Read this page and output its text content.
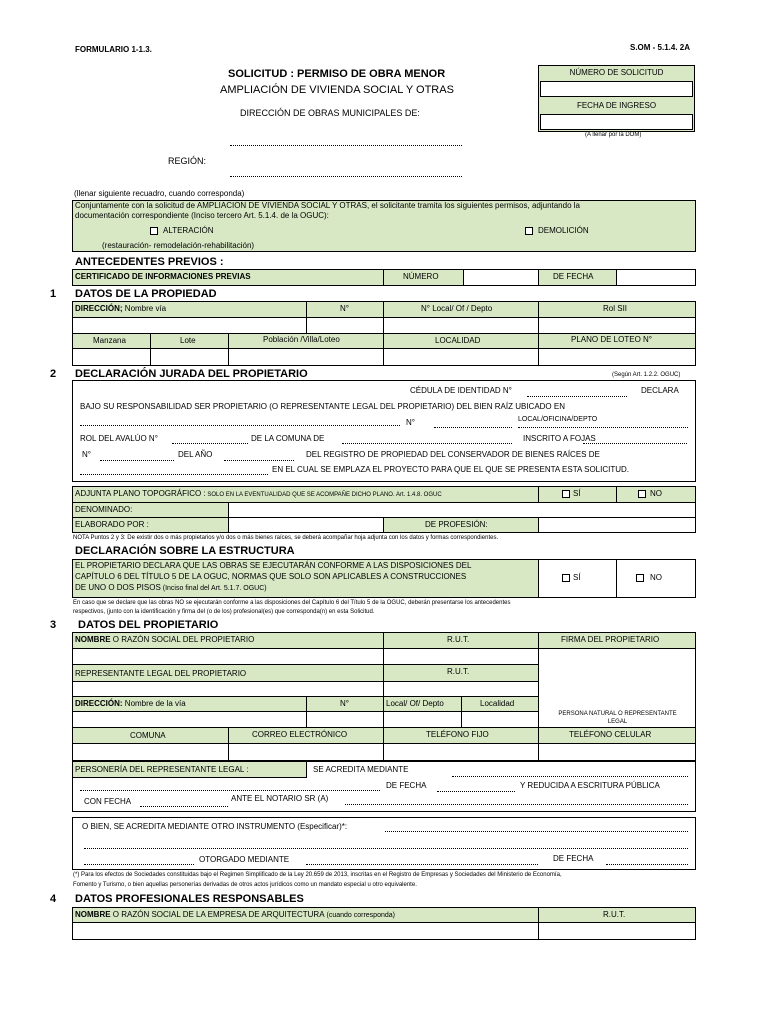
FORMULARIO 1-1.3.	S.OM - 5.1.4. 2A
SOLICITUD : PERMISO DE OBRA MENOR
AMPLIACIÓN DE VIVIENDA SOCIAL Y OTRAS
DIRECCIÓN DE OBRAS MUNICIPALES DE:
REGIÓN:
NÚMERO DE SOLICITUD
FECHA DE INGRESO
(A llenar por la DOM)
(llenar siguiente recuadro, cuando corresponda)
Conjuntamente con la solicitud de AMPLIACION DE VIVIENDA SOCIAL Y OTRAS, el solicitante tramita los siguientes permisos, adjuntando la
documentación correspondiente (Inciso tercero Art. 5.1.4. de la OGUC):
ALTERACIÓN	DEMOLICIÓN
(restauración- remodelación-rehabilitación)
ANTECEDENTES PREVIOS :
CERTIFICADO DE INFORMACIONES PREVIAS	NÚMERO	DE FECHA
1 DATOS DE LA PROPIEDAD
DIRECCIÓN; Nombre vía	N°	N° Local/ Of / Depto	Rol SII
Manzana	Lote	Población /Villa/Loteo	LOCALIDAD	PLANO DE LOTEO N°
2 DECLARACIÓN JURADA DEL PROPIETARIO	(Según Art. 1.2.2. OGUC)
CÉDULA DE IDENTIDAD N°	DECLARA
BAJO SU RESPONSABILIDAD SER PROPIETARIO (O REPRESENTANTE LEGAL DEL PROPIETARIO) DEL BIEN RAÍZ UBICADO EN
N°	LOCAL/OFICINA/DEPTO
ROL DEL AVALÚO N°	DE LA COMUNA DE	INSCRITO A FOJAS
N°	DEL AÑO	DEL REGISTRO DE PROPIEDAD DEL CONSERVADOR DE BIENES RAÍCES DE
EN EL CUAL SE EMPLAZA EL PROYECTO PARA QUE EL QUE SE PRESENTA ESTA SOLICITUD.
ADJUNTA PLANO TOPOGRÁFICO : SOLO EN LA EVENTUALIDAD QUE SE ACOMPAÑE DICHO PLANO. Art. 1.4.8. OGUC	SÍ	NO
DENOMINADO:
ELABORADO POR :	DE PROFESIÓN:
NOTA Puntos 2 y 3: De existir dos o más propietarios y/o dos o más bienes raíces, se deberá acompañar hoja adjunta con los datos y formas correspondientes.
DECLARACIÓN SOBRE LA ESTRUCTURA
EL PROPIETARIO DECLARA QUE LAS OBRAS SE EJECUTARÁN CONFORME A LAS DISPOSICIONES DEL
CAPÍTULO 6 DEL TÍTULO 5 DE LA OGUC, NORMAS QUE SOLO SON APLICABLES A CONSTRUCCIONES
DE UNO O DOS PISOS (Inciso final del Art. 5.1.7. OGUC)
SÍ	NO
En caso que se declare que las obras NO se ejecutarán conforme a las disposiciones del Capítulo 6 del Título 5 de la OGUC, deberán presentarse los antecedentes
respectivos, (junto con la identificación y firma del (o de los) profesional(es) que corresponda(n) en esta Solicitud.
3 DATOS DEL PROPIETARIO
NOMBRE O RAZÓN SOCIAL DEL PROPIETARIO	R.U.T.	FIRMA DEL PROPIETARIO
REPRESENTANTE LEGAL DEL PROPIETARIO	R.U.T.
DIRECCIÓN: Nombre de la vía	N°	Local/ Of/ Depto	Localidad
PERSONA NATURAL O REPRESENTANTE
LEGAL
COMUNA	CORREO ELECTRÓNICO	TELÉFONO FIJO	TELÉFONO CELULAR
PERSONERÍA DEL REPRESENTANTE LEGAL :	SE ACREDITA MEDIANTE
DE FECHA	Y REDUCIDA A ESCRITURA PÚBLICA
CON FECHA	ANTE EL NOTARIO SR (A)
O BIEN, SE ACREDITA MEDIANTE OTRO INSTRUMENTO (Especificar)*:
OTORGADO MEDIANTE	DE FECHA
(*) Para los efectos de Sociedades constituidas bajo el Regimen Simplificado de la Ley 20.659 de 2013, inscritas en el Registro de Empresas y Sociedades del Ministerio de Economía,
Fomento y Turismo, o bien aquellas personerías derivadas de otros actos jurídicos como un mandato especial u otro equivalente.
4 DATOS PROFESIONALES RESPONSABLES
NOMBRE O RAZÓN SOCIAL DE LA EMPRESA DE ARQUITECTURA (cuando corresponda)	R.U.T.
